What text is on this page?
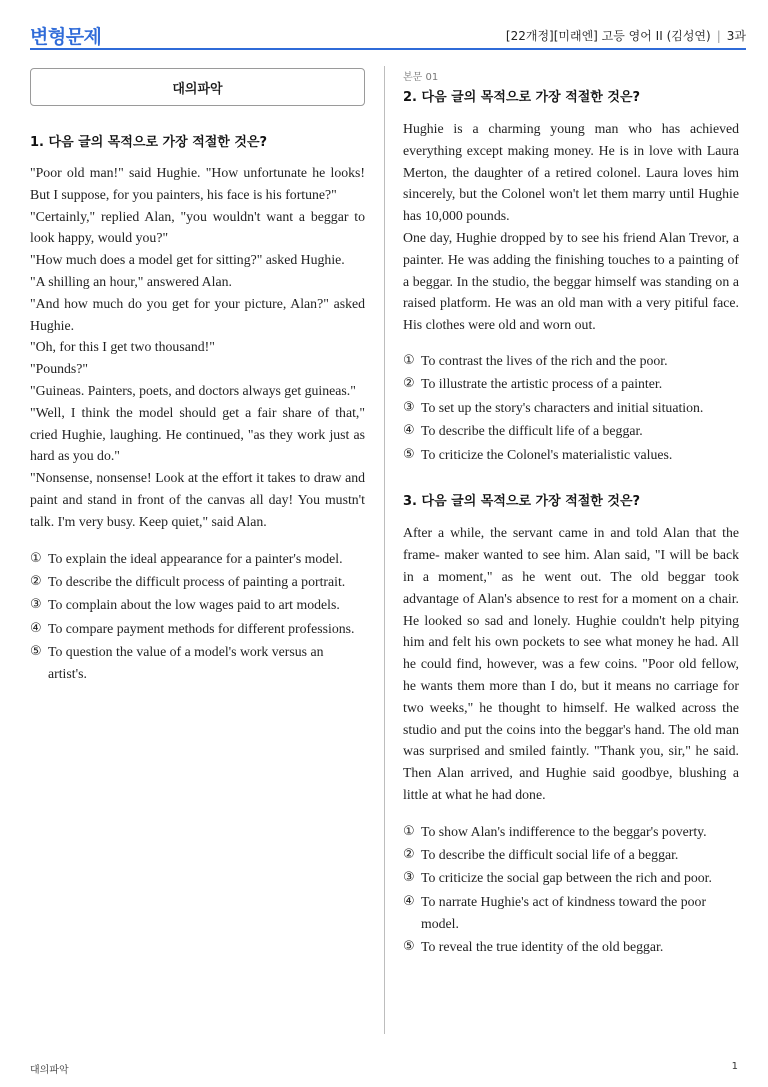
변형문제	[22개정][미래엔] 고등 영어 II (김성연) | 3과
대의파악
1. 다음 글의 목적으로 가장 적절한 것은?

"Poor old man!" said Hughie. "How unfortunate he looks! But I suppose, for you painters, his face is his fortune?"

"Certainly," replied Alan, "you wouldn't want a beggar to look happy, would you?"

"How much does a model get for sitting?" asked Hughie.

"A shilling an hour," answered Alan.

"And how much do you get for your picture, Alan?" asked Hughie.

"Oh, for this I get two thousand!"

"Pounds?"

"Guineas. Painters, poets, and doctors always get guineas."

"Well, I think the model should get a fair share of that," cried Hughie, laughing. He continued, "as they work just as hard as you do."

"Nonsense, nonsense! Look at the effort it takes to draw and paint and stand in front of the canvas all day! You mustn't talk. I'm very busy. Keep quiet," said Alan.

① To explain the ideal appearance for a painter's model.
② To describe the difficult process of painting a portrait.
③ To complain about the low wages paid to art models.
④ To compare payment methods for different professions.
⑤ To question the value of a model's work versus an artist's.
본문 01
2. 다음 글의 목적으로 가장 적절한 것은?

Hughie is a charming young man who has achieved everything except making money. He is in love with Laura Merton, the daughter of a retired colonel. Laura loves him sincerely, but the Colonel won't let them marry until Hughie has 10,000 pounds.

One day, Hughie dropped by to see his friend Alan Trevor, a painter. He was adding the finishing touches to a painting of a beggar. In the studio, the beggar himself was standing on a raised platform. He was an old man with a very pitiful face. His clothes were old and worn out.

① To contrast the lives of the rich and the poor.
② To illustrate the artistic process of a painter.
③ To set up the story's characters and initial situation.
④ To describe the difficult life of a beggar.
⑤ To criticize the Colonel's materialistic values.
3. 다음 글의 목적으로 가장 적절한 것은?

After a while, the servant came in and told Alan that the frame- maker wanted to see him. Alan said, "I will be back in a moment," as he went out. The old beggar took advantage of Alan's absence to rest for a moment on a chair. He looked so sad and lonely. Hughie couldn't help pitying him and felt his own pockets to see what money he had. All he could find, however, was a few coins. "Poor old fellow, he wants them more than I do, but it means no carriage for two weeks," he thought to himself. He walked across the studio and put the coins into the beggar's hand. The old man was surprised and smiled faintly. "Thank you, sir," he said. Then Alan arrived, and Hughie said goodbye, blushing a little at what he had done.

① To show Alan's indifference to the beggar's poverty.
② To describe the difficult social life of a beggar.
③ To criticize the social gap between the rich and poor.
④ To narrate Hughie's act of kindness toward the poor model.
⑤ To reveal the true identity of the old beggar.
대의파악	1
